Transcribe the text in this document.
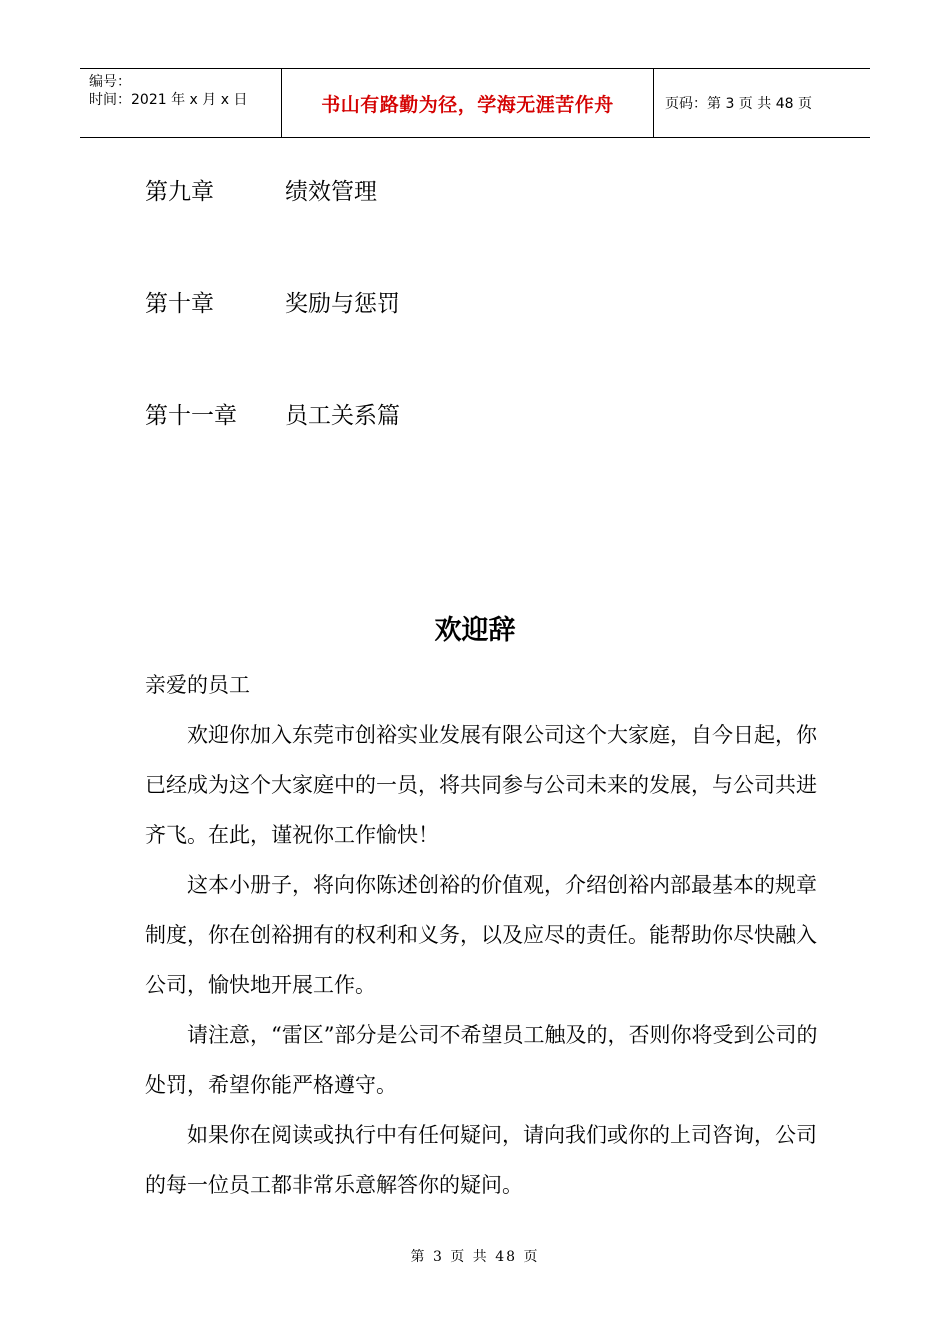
编号：
时间：2021 年 x 月 x 日	书山有路勤为径，学海无涯苦作舟	页码：第 3 页 共 48 页
第九章	绩效管理
第十章	奖励与惩罚
第十一章 员工关系篇
欢迎辞

亲爱的员工

欢迎你加入东莞市创裕实业发展有限公司这个大家庭，自今日起，你已经成为这个大家庭中的一员，将共同参与公司未来的发展，与公司共进齐飞。在此，谨祝你工作愉快！

这本小册子，将向你陈述创裕的价值观，介绍创裕内部最基本的规章制度，你在创裕拥有的权利和义务，以及应尽的责任。能帮助你尽快融入公司，愉快地开展工作。

请注意，“雷区”部分是公司不希望员工触及的，否则你将受到公司的处罚，希望你能严格遵守。

如果你在阅读或执行中有任何疑问，请向我们或你的上司咨询，公司的每一位员工都非常乐意解答你的疑问。

第 3 页 共 48 页
